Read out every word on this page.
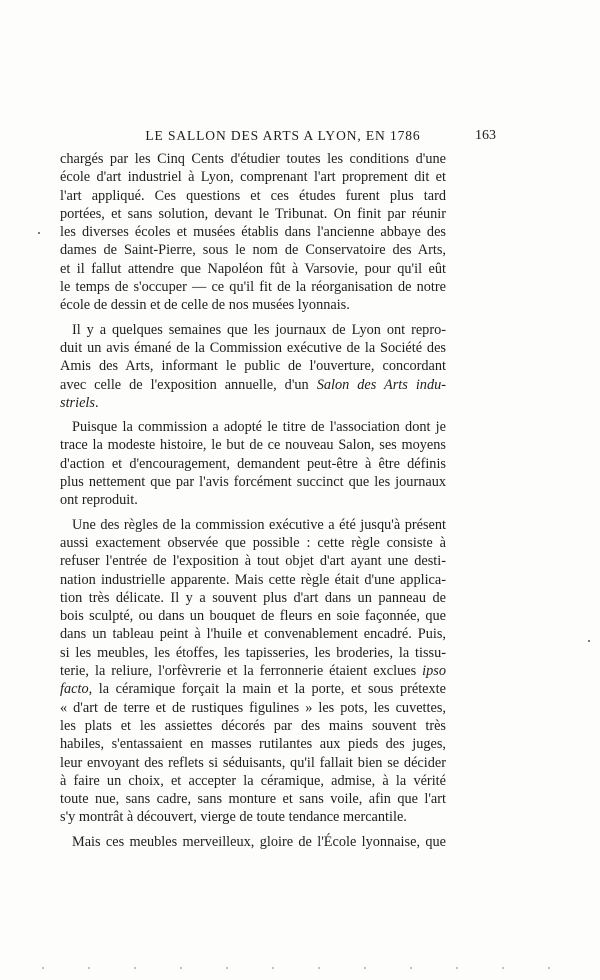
LE SALLON DES ARTS A LYON, EN 1786	163
chargés par les Cinq Cents d'étudier toutes les conditions d'une
école d'art industriel à Lyon, comprenant l'art proprement dit et
l'art appliqué. Ces questions et ces études furent plus tard
portées, et sans solution, devant le Tribunat. On finit par réunir
les diverses écoles et musées établis dans l'ancienne abbaye des
dames de Saint-Pierre, sous le nom de Conservatoire des Arts,
et il fallut attendre que Napoléon fût à Varsovie, pour qu'il eût
le temps de s'occuper — ce qu'il fit de la réorganisation de notre
école de dessin et de celle de nos musées lyonnais.
Il y a quelques semaines que les journaux de Lyon ont repro-
duit un avis émané de la Commission exécutive de la Société des
Amis des Arts, informant le public de l'ouverture, concordant
avec celle de l'exposition annuelle, d'un Salon des Arts indu-
striels.
Puisque la commission a adopté le titre de l'association dont je
trace la modeste histoire, le but de ce nouveau Salon, ses moyens
d'action et d'encouragement, demandent peut-être à être définis
plus nettement que par l'avis forcément succinct que les journaux
ont reproduit.
Une des règles de la commission exécutive a été jusqu'à présent
aussi exactement observée que possible : cette règle consiste à
refuser l'entrée de l'exposition à tout objet d'art ayant une desti-
nation industrielle apparente. Mais cette règle était d'une applica-
tion très délicate. Il y a souvent plus d'art dans un panneau de
bois sculpté, ou dans un bouquet de fleurs en soie façonnée, que
dans un tableau peint à l'huile et convenablement encadré. Puis,
si les meubles, les étoffes, les tapisseries, les broderies, la tissu-
terie, la reliure, l'orfèvrerie et la ferronnerie étaient exclues ipso
facto, la céramique forçait la main et la porte, et sous prétexte
« d'art de terre et de rustiques figulines » les pots, les cuvettes,
les plats et les assiettes décorés par des mains souvent très
habiles, s'entassaient en masses rutilantes aux pieds des juges,
leur envoyant des reflets si séduisants, qu'il fallait bien se décider
à faire un choix, et accepter la céramique, admise, à la vérité
toute nue, sans cadre, sans monture et sans voile, afin que l'art
s'y montrât à découvert, vierge de toute tendance mercantile.
Mais ces meubles merveilleux, gloire de l'École lyonnaise, que
